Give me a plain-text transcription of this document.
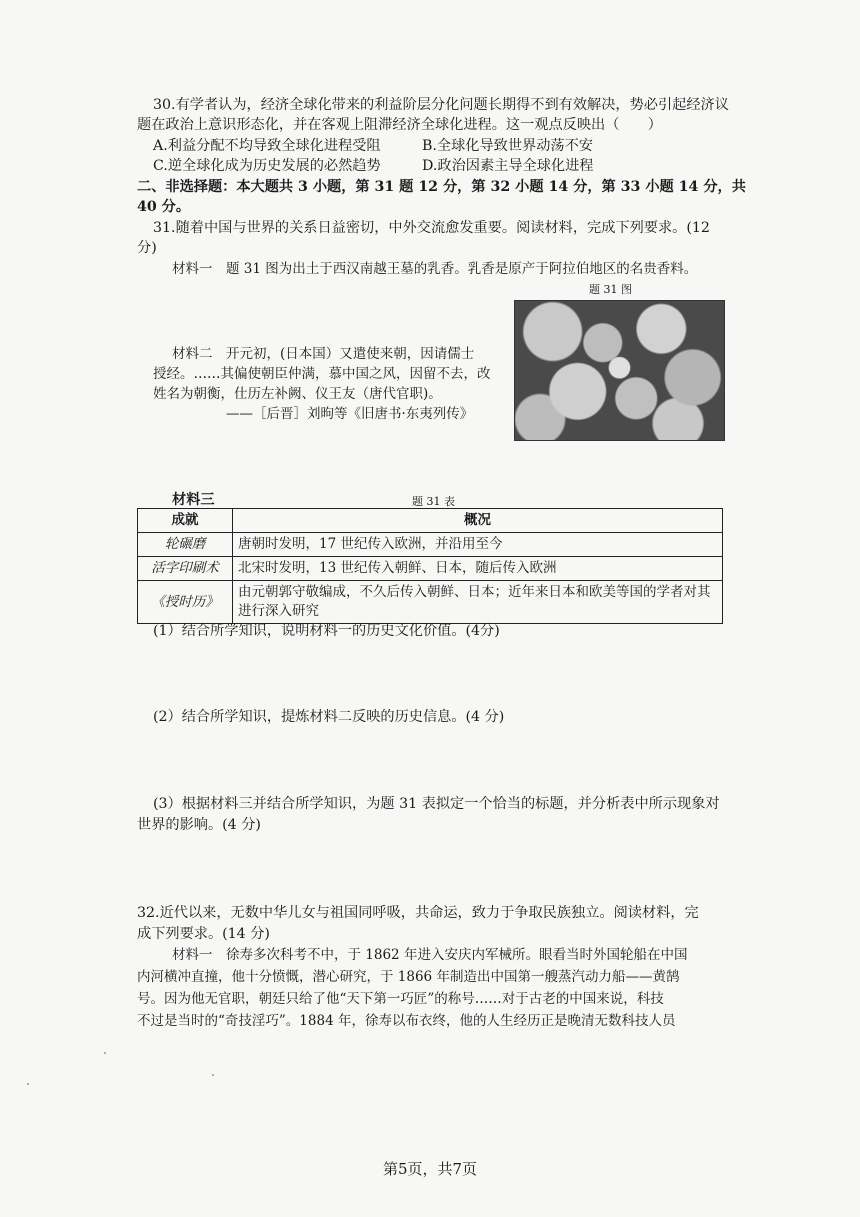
30.有学者认为，经济全球化带来的利益阶层分化问题长期得不到有效解决，势必引起经济议
题在政治上意识形态化，并在客观上阻滞经济全球化进程。这一观点反映出（　　）
A.利益分配不均导致全球化进程受阻	B.全球化导致世界动荡不安
C.逆全球化成为历史发展的必然趋势	D.政治因素主导全球化进程
二、非选择题：本大题共 3 小题，第 31 题 12 分，第 32 小题 14 分，第 33 小题 14 分，共
40 分。
31.随着中国与世界的关系日益密切，中外交流愈发重要。阅读材料，完成下列要求。(12
分)
材料一　题 31 图为出土于西汉南越王墓的乳香。乳香是原产于阿拉伯地区的名贵香料。
题 31 图
材料二　开元初，(日本国）又遣使来朝，因请儒士
授经。……其偏使朝臣仲满，慕中国之风，因留不去，改
姓名为朝衡，仕历左补阙、仪王友（唐代官职)。
——［后晋］刘昫等《旧唐书·东夷列传》
材料三	题 31 表
成就	概况
轮碾磨	唐朝时发明，17 世纪传入欧洲，并沿用至今
活字印刷术	北宋时发明，13 世纪传入朝鲜、日本，随后传入欧洲
《授时历》	由元朝郭守敬编成，不久后传入朝鲜、日本；近年来日本和欧美等国的学者对其进行深入研究
(1）结合所学知识，说明材料一的历史文化价值。(4分)
(2）结合所学知识，提炼材料二反映的历史信息。(4 分)
(3）根据材料三并结合所学知识，为题 31 表拟定一个恰当的标题，并分析表中所示现象对
世界的影响。(4 分)
32.近代以来，无数中华儿女与祖国同呼吸，共命运，致力于争取民族独立。阅读材料，完
成下列要求。(14 分)
材料一　徐寿多次科考不中，于 1862 年进入安庆内军械所。眼看当时外国轮船在中国
内河横冲直撞，他十分愤慨，潜心研究，于 1866 年制造出中国第一艘蒸汽动力船——黄鹄
号。因为他无官职，朝廷只给了他“天下第一巧匠”的称号……对于古老的中国来说，科技
不过是当时的“奇技淫巧”。1884 年，徐寿以布衣终，他的人生经历正是晚清无数科技人员
第5页，共7页
